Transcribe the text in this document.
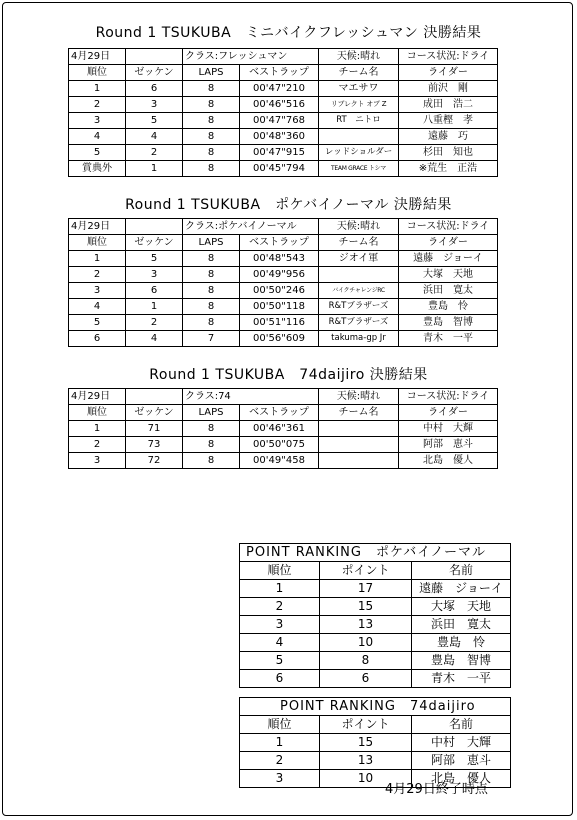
Round 1 TSUKUBA　ミニバイクフレッシュマン 決勝結果
4月29日		クラス:フレッシュマン		天候:晴れ	コース状況:ドライ
順位	ゼッケン	LAPS	ベストラップ	チーム名	ライダー
1	6	8	00'47"210	マエサワ	前沢　剛
2	3	8	00'46"516	リブレクト オブ Z	成田　浩二
3	5	8	00'47"768	RT　ニトロ	八重樫　孝
4	4	8	00'48"360		遠藤　巧
5	2	8	00'47"915	レッドショルダー	杉田　知也
賞典外	1	8	00'45"794	TEAM GRACE トシマ	※荒生　正浩
Round 1 TSUKUBA　ポケバイノーマル 決勝結果
4月29日		クラス:ポケバイノーマル		天候:晴れ	コース状況:ドライ
順位	ゼッケン	LAPS	ベストラップ	チーム名	ライダー
1	5	8	00'48"543	ジオイ軍	遠藤　ジョーイ
2	3	8	00'49"956		大塚　天地
3	6	8	00'50"246	バイクチャレンジRC	浜田　寛太
4	1	8	00'50"118	R&Tブラザーズ	豊島　怜
5	2	8	00'51"116	R&Tブラザーズ	豊島　智博
6	4	7	00'56"609	takuma-gp Jr	青木　一平
Round 1 TSUKUBA　74daijiro 決勝結果
4月29日		クラス:74		天候:晴れ	コース状況:ドライ
順位	ゼッケン	LAPS	ベストラップ	チーム名	ライダー
1	71	8	00'46"361		中村　大輝
2	73	8	00'50"075		阿部　恵斗
3	72	8	00'49"458		北島　優人
POINT RANKING　ポケバイノーマル		
順位	ポイント	名前
1	17	遠藤　ジョーイ
2	15	大塚　天地
3	13	浜田　寛太
4	10	豊島　怜
5	8	豊島　智博
6	6	青木　一平
POINT RANKING　74daijiro		
順位	ポイント	名前
1	15	中村　大輝
2	13	阿部　恵斗
3	10	北島　優人
4月29日終了時点
